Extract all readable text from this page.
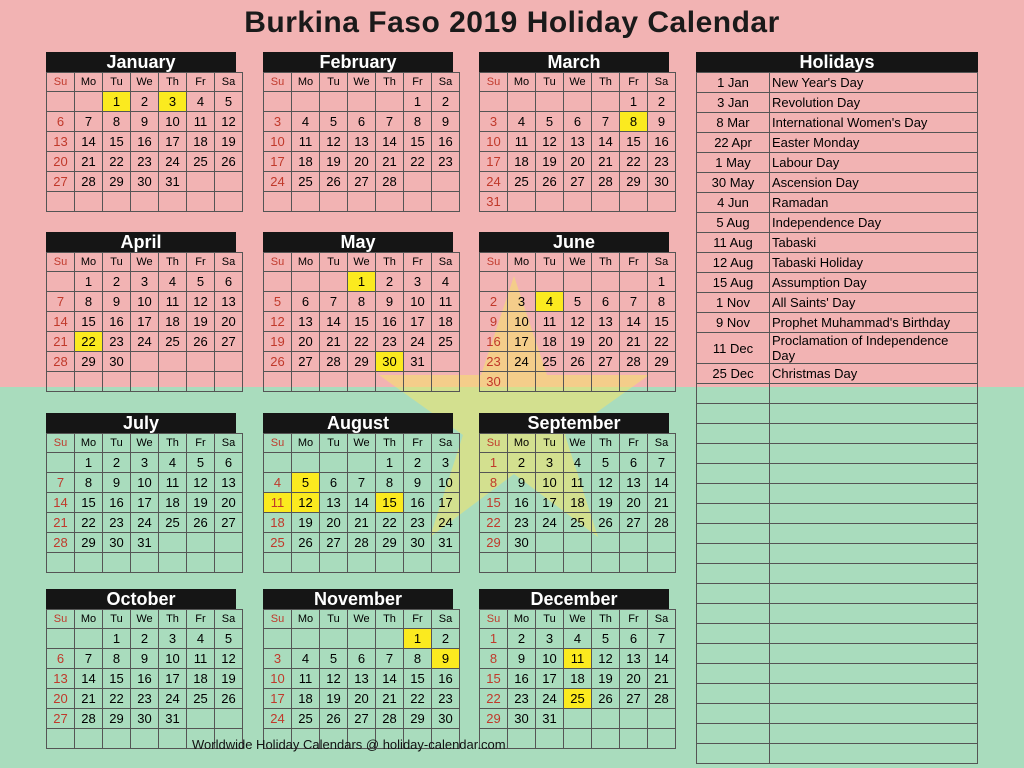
Burkina Faso 2019 Holiday Calendar
January
Su	Mo	Tu	We	Th	Fr	Sa
		1	2	3	4	5
6	7	8	9	10	11	12
13	14	15	16	17	18	19
20	21	22	23	24	25	26
27	28	29	30	31		

February
Su	Mo	Tu	We	Th	Fr	Sa
					1	2
3	4	5	6	7	8	9
10	11	12	13	14	15	16
17	18	19	20	21	22	23
24	25	26	27	28		

March
Su	Mo	Tu	We	Th	Fr	Sa
					1	2
3	4	5	6	7	8	9
10	11	12	13	14	15	16
17	18	19	20	21	22	23
24	25	26	27	28	29	30
31						
April
Su	Mo	Tu	We	Th	Fr	Sa
	1	2	3	4	5	6
7	8	9	10	11	12	13
14	15	16	17	18	19	20
21	22	23	24	25	26	27
28	29	30				

May
Su	Mo	Tu	We	Th	Fr	Sa
			1	2	3	4
5	6	7	8	9	10	11
12	13	14	15	16	17	18
19	20	21	22	23	24	25
26	27	28	29	30	31	

June
Su	Mo	Tu	We	Th	Fr	Sa
						1
2	3	4	5	6	7	8
9	10	11	12	13	14	15
16	17	18	19	20	21	22
23	24	25	26	27	28	29
30						
July
Su	Mo	Tu	We	Th	Fr	Sa
	1	2	3	4	5	6
7	8	9	10	11	12	13
14	15	16	17	18	19	20
21	22	23	24	25	26	27
28	29	30	31			

August
Su	Mo	Tu	We	Th	Fr	Sa
				1	2	3
4	5	6	7	8	9	10
11	12	13	14	15	16	17
18	19	20	21	22	23	24
25	26	27	28	29	30	31

September
Su	Mo	Tu	We	Th	Fr	Sa
1	2	3	4	5	6	7
8	9	10	11	12	13	14
15	16	17	18	19	20	21
22	23	24	25	26	27	28
29	30					

October
Su	Mo	Tu	We	Th	Fr	Sa
		1	2	3	4	5
6	7	8	9	10	11	12
13	14	15	16	17	18	19
20	21	22	23	24	25	26
27	28	29	30	31		

November
Su	Mo	Tu	We	Th	Fr	Sa
					1	2
3	4	5	6	7	8	9
10	11	12	13	14	15	16
17	18	19	20	21	22	23
24	25	26	27	28	29	30

December
Su	Mo	Tu	We	Th	Fr	Sa
1	2	3	4	5	6	7
8	9	10	11	12	13	14
15	16	17	18	19	20	21
22	23	24	25	26	27	28
29	30	31				

Holidays
1 Jan	New Year's Day
3 Jan	Revolution Day
8 Mar	International Women's Day
22 Apr	Easter Monday
1 May	Labour Day
30 May	Ascension Day
4 Jun	Ramadan
5 Aug	Independence Day
11 Aug	Tabaski
12 Aug	Tabaski Holiday
15 Aug	Assumption Day
1 Nov	All Saints' Day
9 Nov	Prophet Muhammad's Birthday
11 Dec	Proclamation of Independence Day
25 Dec	Christmas Day

Worldwide Holiday Calendars @ holiday-calendar.com
